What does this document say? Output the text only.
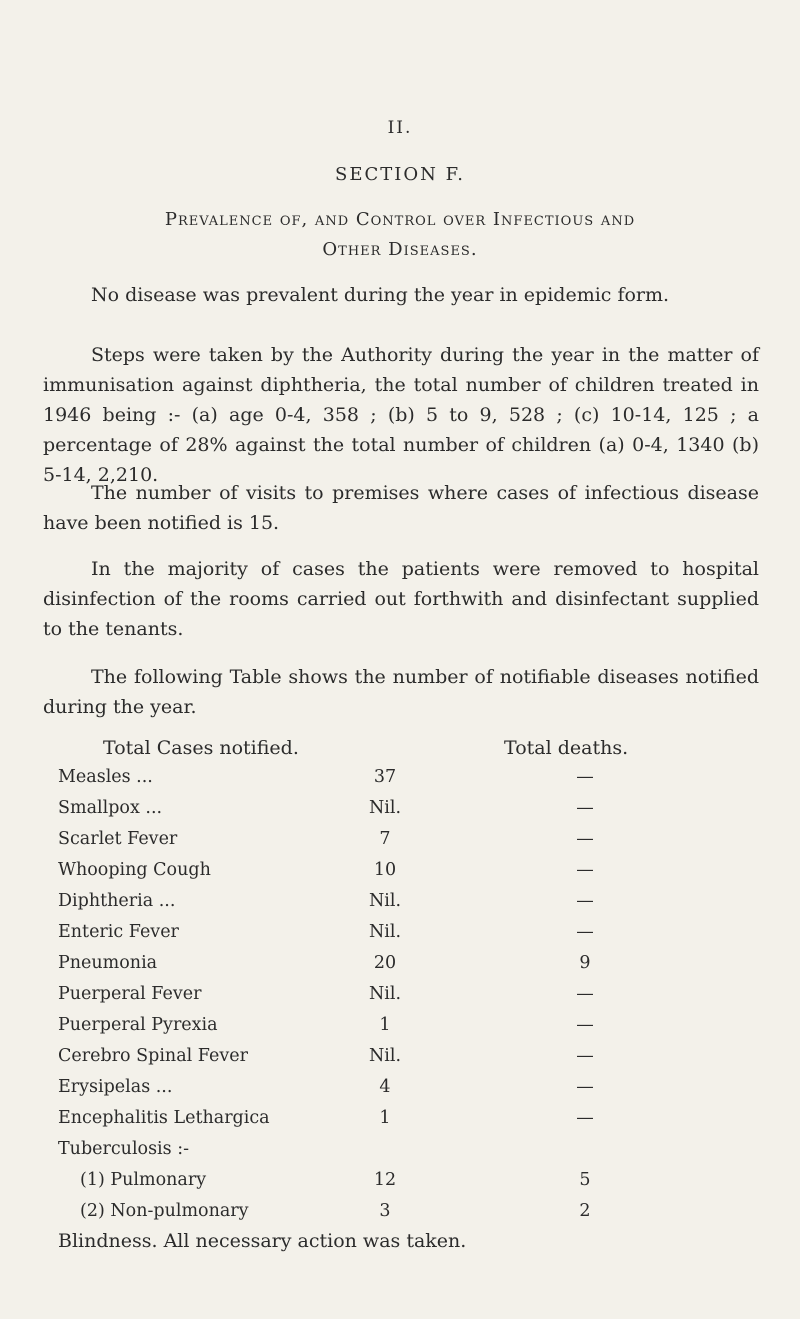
II.
SECTION F.
Prevalence of, and Control over Infectious and
Other Diseases.

No disease was prevalent during the year in epidemic form.

Steps were taken by the Authority during the year in the matter of immunisation against diphtheria, the total number of children treated in 1946 being :- (a) age 0-4, 358 ; (b) 5 to 9, 528 ; (c) 10-14, 125 ; a percentage of 28% against the total number of children (a) 0-4, 1340 (b) 5-14, 2,210.

The number of visits to premises where cases of infectious disease have been notified is 15.

In the majority of cases the patients were removed to hospital disinfection of the rooms carried out forthwith and disinfectant supplied to the tenants.

The following Table shows the number of notifiable diseases notified during the year.

Total Cases notified.	Total deaths.
Measles ...	37	—
Smallpox ...	Nil.	—
Scarlet Fever	7	—
Whooping Cough	10	—
Diphtheria ...	Nil.	—
Enteric Fever	Nil.	—
Pneumonia	20	9
Puerperal Fever	Nil.	—
Puerperal Pyrexia	1	—
Cerebro Spinal Fever	Nil.	—
Erysipelas ...	4	—
Encephalitis Lethargica	1	—
Tuberculosis :-
(1) Pulmonary	12	5
(2) Non-pulmonary	3	2
Blindness. All necessary action was taken.
